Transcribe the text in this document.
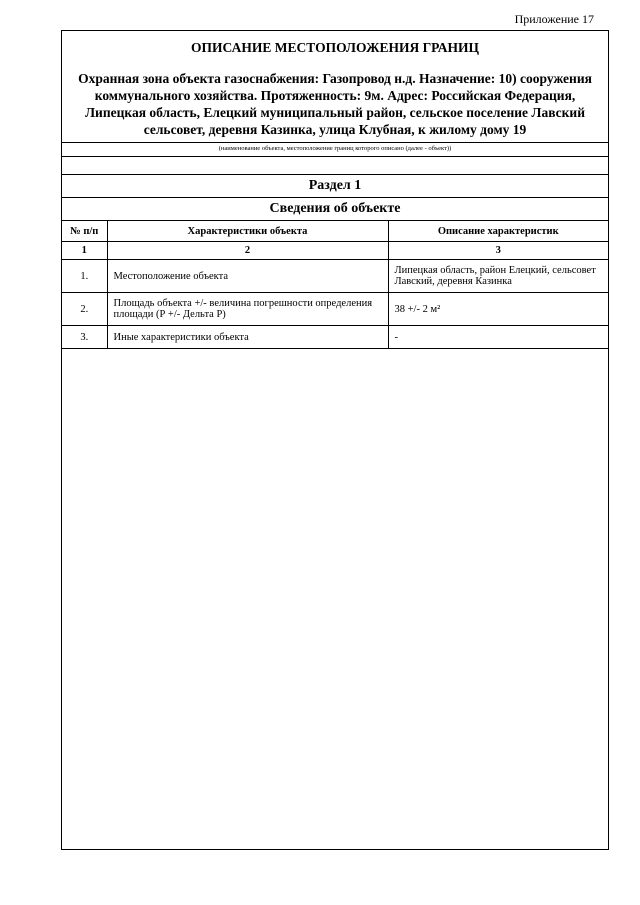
Приложение 17
ОПИСАНИЕ МЕСТОПОЛОЖЕНИЯ ГРАНИЦ
Охранная зона объекта газоснабжения: Газопровод н.д. Назначение: 10) сооружения коммунального хозяйства. Протяженность: 9м. Адрес: Российская Федерация, Липецкая область, Елецкий муниципальный район, сельское поселение Лавский сельсовет, деревня Казинка, улица Клубная, к жилому дому 19
(наименование объекта, местоположение границ которого описано (далее - объект))
Раздел 1
Сведения об объекте
№ п/п	Характеристики объекта	Описание характеристик
1	2	3
1.	Местоположение объекта	Липецкая область, район Елецкий, сельсовет Лавский, деревня Казинка
2.	Площадь объекта +/- величина погрешности определения площади (Р +/- Дельта Р)	38 +/- 2 м²
3.	Иные характеристики объекта	-
